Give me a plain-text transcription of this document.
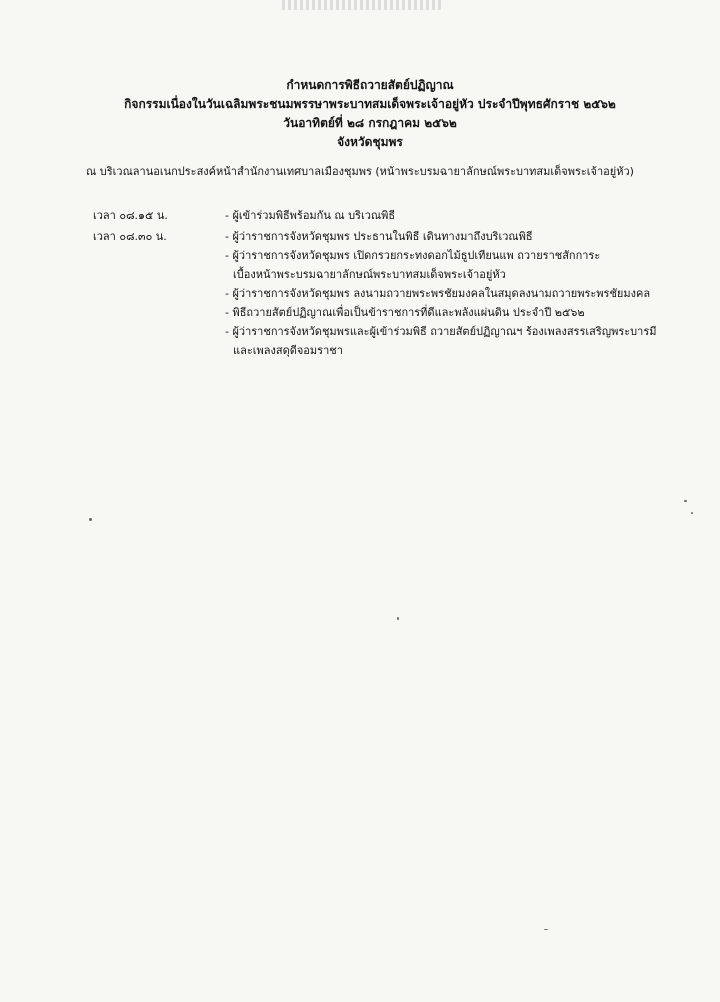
กำหนดการพิธีถวายสัตย์ปฏิญาณ
กิจกรรมเนื่องในวันเฉลิมพระชนมพรรษาพระบาทสมเด็จพระเจ้าอยู่หัว ประจำปีพุทธศักราช ๒๕๖๒
วันอาทิตย์ที่ ๒๘ กรกฎาคม ๒๕๖๒
จังหวัดชุมพร
ณ บริเวณลานอเนกประสงค์หน้าสำนักงานเทศบาลเมืองชุมพร (หน้าพระบรมฉายาลักษณ์พระบาทสมเด็จพระเจ้าอยู่หัว)
เวลา ๐๘.๑๕ น.	- ผู้เข้าร่วมพิธีพร้อมกัน ณ บริเวณพิธี
เวลา ๐๘.๓๐ น.	- ผู้ว่าราชการจังหวัดชุมพร ประธานในพิธี เดินทางมาถึงบริเวณพิธี
- ผู้ว่าราชการจังหวัดชุมพร เปิดกรวยกระทงดอกไม้ธูปเทียนแพ ถวายราชสักการะ
เบื้องหน้าพระบรมฉายาลักษณ์พระบาทสมเด็จพระเจ้าอยู่หัว
- ผู้ว่าราชการจังหวัดชุมพร ลงนามถวายพระพรชัยมงคลในสมุดลงนามถวายพระพรชัยมงคล
- พิธีถวายสัตย์ปฏิญาณเพื่อเป็นข้าราชการที่ดีและพลังแผ่นดิน ประจำปี ๒๕๖๒
- ผู้ว่าราชการจังหวัดชุมพรและผู้เข้าร่วมพิธี ถวายสัตย์ปฏิญาณฯ ร้องเพลงสรรเสริญพระบารมี
และเพลงสดุดีจอมราชา
